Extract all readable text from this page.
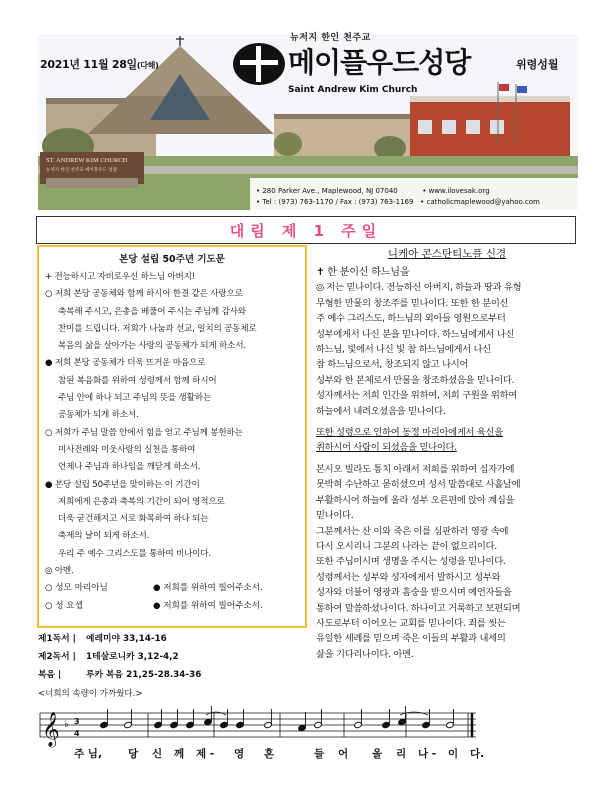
ST. ANDREW KIM CHURCH
뉴저지 한인 천주교 메이플우드 성당
2021년 11월 28일(다해)	위령성월
뉴저지 한인 천주교
메이플우드성당
Saint Andrew Kim Church
• 280 Parker Ave., Maplewood, NJ 07040	• www.ilovesak.org
• Tel : (973) 763-1170 / Fax : (973) 763-1169 • catholicmaplewood@yahoo.com
대림 제 1 주일
본당 설립 50주년 기도문
+ 전능하시고 자비로우신 하느님 아버지!
○ 저희 본당 공동체와 함께 하시어 한결 같은 사랑으로
축복해 주시고, 은총을 베풀어 주시는 주님께 감사와
찬미를 드립니다. 저희가 나눔과 선교, 일치의 공동체로
복음의 삶을 살아가는 사랑의 공동체가 되게 하소서.
● 저희 본당 공동체가 더욱 뜨거운 마음으로
참된 복음화를 위하여 성령께서 함께 하시어
주님 안에 하나 되고 주님의 뜻을 생활하는
공동체가 되게 하소서.
○ 저희가 주님 말씀 안에서 힘을 얻고 주님께 봉헌하는
미사전례와 이웃사랑의 실천을 통하여
언제나 주님과 하나임을 깨닫게 하소서.
● 본당 설립 50주년을 맞이하는 이 기간이
저희에게 은총과 축복의 기간이 되어 영적으로
더욱 굳건해지고 서로 화목하여 하나 되는
축제의 날이 되게 하소서.
우리 주 예수 그리스도를 통하여 비나이다.
◎ 아멘.
○ 성모 마리아님	● 저희를 위하여 빌어주소서.
○ 성 요셉	● 저희를 위하여 빌어주소서.
제1독서 | 예레미야 33,14-16
제2독서 | 1테살로니카 3,12-4,2
복음 |	루카 복음 21,25-28.34-36
<너희의 속량이 가까웠다.>
𝄞 ♭ 3
4
주 님, 당 신 께 제 - 영 혼	들 어 올 리 나 - 이 다.
니케아 콘스탄티노플 신경
✝ 한 분이신 하느님을
◎ 저는 믿나이다. 전능하신 아버지, 하늘과 땅과 유형
무형한 만물의 창조주를 믿나이다. 또한 한 분이신
주 예수 그리스도, 하느님의 외아들 영원으로부터
성부에게서 나신 분을 믿나이다. 하느님에게서 나신
하느님, 빛에서 나신 빛 참 하느님에게서 나신
참 하느님으로서, 창조되지 않고 나시어
성부와 한 본체로서 만물을 창조하셨음을 믿나이다.
성자께서는 저희 인간을 위하여, 저희 구원을 위하여
하늘에서 내려오셨음을 믿나이다.
또한 성령으로 인하여 동정 마리아에게서 육신을
취하시어 사람이 되셨음을 믿나이다.
본시오 빌라도 통치 아래서 저희를 위하여 십자가에
못박혀 수난하고 묻히셨으며 성서 말씀대로 사흘날에
부활하시어 하늘에 올라 성부 오른편에 앉아 계심을
믿나이다.
그분께서는 산 이와 죽은 이를 심판하러 영광 속에
다시 오시리니 그분의 나라는 끝이 없으리이다.
또한 주님이시며 생명을 주시는 성령을 믿나이다.
성령께서는 성부와 성자에게서 발하시고 성부와
성자와 더불어 영광과 흠숭을 받으시며 예언자들을
통하여 말씀하셨나이다. 하나이고 거룩하고 보편되며
사도로부터 이어오는 교회를 믿나이다. 죄를 씻는
유일한 세례를 믿으며 죽은 이들의 부활과 내세의
삶을 기다리나이다. 아멘.
